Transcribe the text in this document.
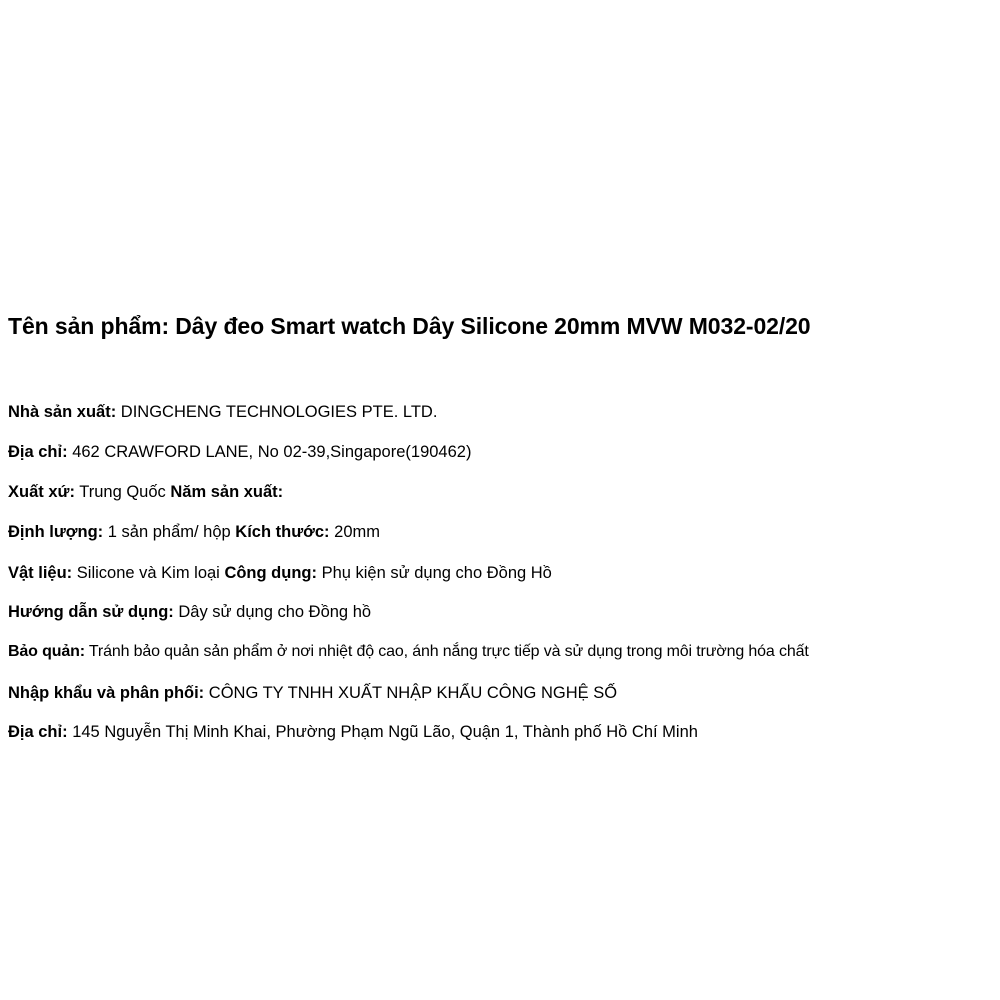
Tên sản phẩm: Dây đeo Smart watch Dây Silicone 20mm MVW M032-02/20
Nhà sản xuất: DINGCHENG TECHNOLOGIES PTE. LTD.
Địa chỉ: 462 CRAWFORD LANE, No 02-39,Singapore(190462)
Xuất xứ: Trung Quốc Năm sản xuất:
Định lượng: 1 sản phẩm/ hộp Kích thước: 20mm
Vật liệu: Silicone và Kim loại Công dụng: Phụ kiện sử dụng cho Đồng Hồ
Hướng dẫn sử dụng: Dây sử dụng cho Đồng hồ
Bảo quản: Tránh bảo quản sản phẩm ở nơi nhiệt độ cao, ánh nắng trực tiếp và sử dụng trong môi trường hóa chất
Nhập khẩu và phân phối: CÔNG TY TNHH XUẤT NHẬP KHẨU CÔNG NGHỆ SỐ
Địa chỉ: 145 Nguyễn Thị Minh Khai, Phường Phạm Ngũ Lão, Quận 1, Thành phố Hồ Chí Minh
